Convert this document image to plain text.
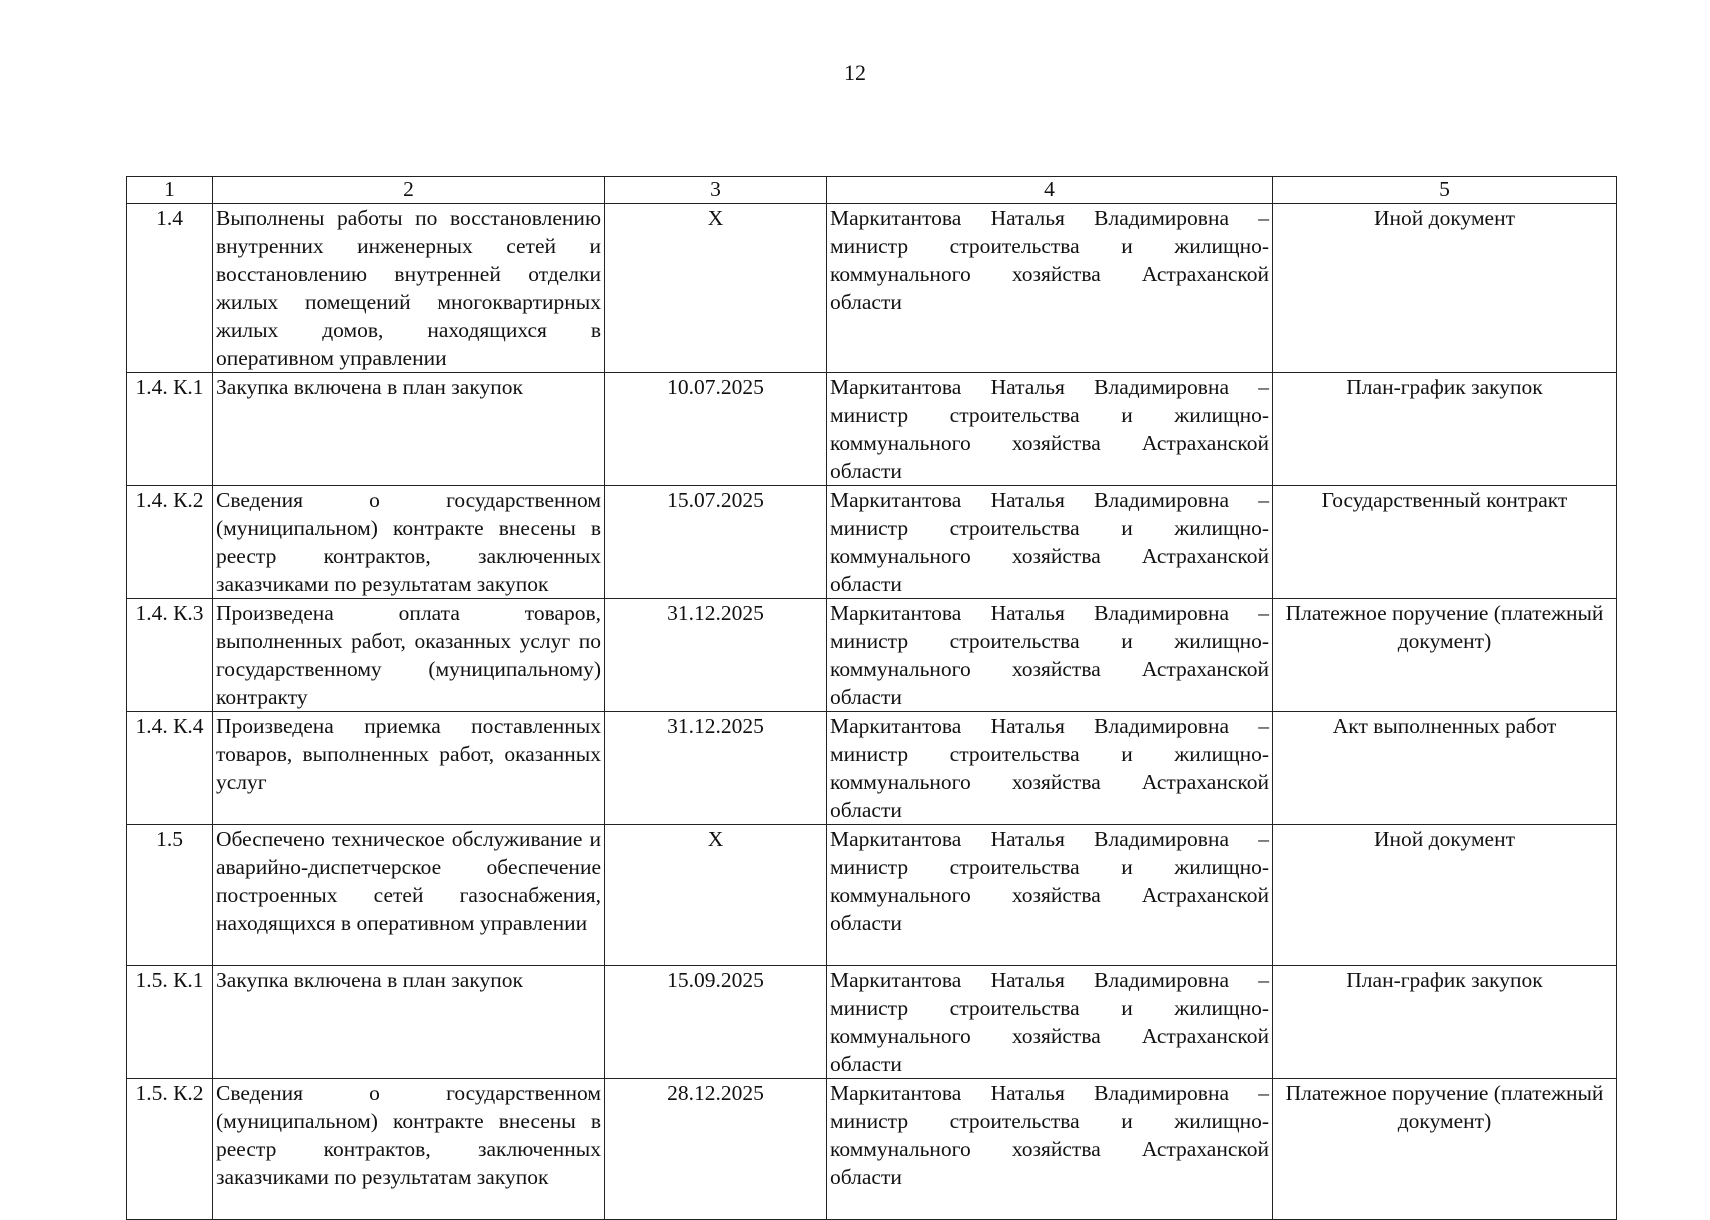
12
1	2	3	4	5
1.4	Выполнены работы по восстановлению внутренних инженерных сетей и восстановлению внутренней отделки жилых помещений многоквартирных жилых домов, находящихся в оперативном управлении	X	Маркитантова Наталья Владимировна – министр строительства и жилищно-коммунального хозяйства Астраханской области	Иной документ
1.4. К.1	Закупка включена в план закупок	10.07.2025	Маркитантова Наталья Владимировна – министр строительства и жилищно-коммунального хозяйства Астраханской области	План-график закупок
1.4. К.2	Сведения о государственном (муниципальном) контракте внесены в реестр контрактов, заключенных заказчиками по результатам закупок	15.07.2025	Маркитантова Наталья Владимировна – министр строительства и жилищно-коммунального хозяйства Астраханской области	Государственный контракт
1.4. К.3	Произведена оплата товаров, выполненных работ, оказанных услуг по государственному (муниципальному) контракту	31.12.2025	Маркитантова Наталья Владимировна – министр строительства и жилищно-коммунального хозяйства Астраханской области	Платежное поручение (платежный документ)
1.4. К.4	Произведена приемка поставленных товаров, выполненных работ, оказанных услуг	31.12.2025	Маркитантова Наталья Владимировна – министр строительства и жилищно-коммунального хозяйства Астраханской области	Акт выполненных работ
1.5	Обеспечено техническое обслуживание и аварийно-диспетчерское обеспечение построенных сетей газоснабжения, находящихся в оперативном управлении	X	Маркитантова Наталья Владимировна – министр строительства и жилищно-коммунального хозяйства Астраханской области	Иной документ
1.5. К.1	Закупка включена в план закупок	15.09.2025	Маркитантова Наталья Владимировна – министр строительства и жилищно-коммунального хозяйства Астраханской области	План-график закупок
1.5. К.2	Сведения о государственном (муниципальном) контракте внесены в реестр контрактов, заключенных заказчиками по результатам закупок	28.12.2025	Маркитантова Наталья Владимировна – министр строительства и жилищно-коммунального хозяйства Астраханской области	Платежное поручение (платежный документ)
